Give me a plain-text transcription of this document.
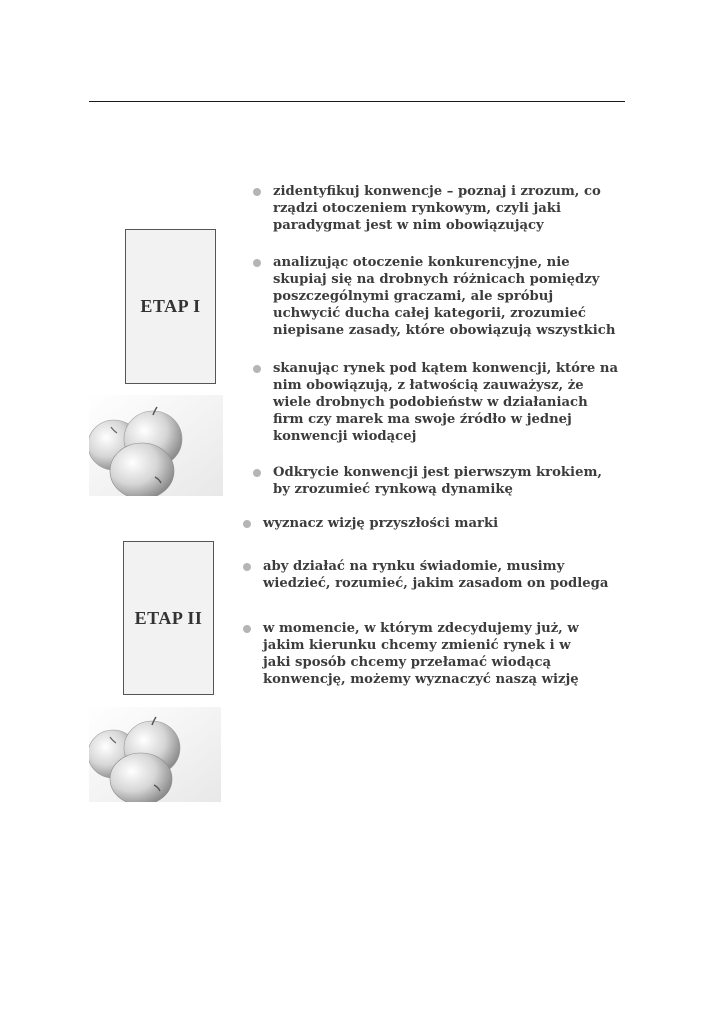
ETAP I
zidentyfikuj konwencje – poznaj i zrozum, co
rządzi otoczeniem rynkowym, czyli jaki
paradygmat jest w nim obowiązujący
analizując otoczenie konkurencyjne, nie
skupiaj się na drobnych różnicach pomiędzy
poszczególnymi graczami, ale spróbuj
uchwycić ducha całej kategorii, zrozumieć
niepisane zasady, które obowiązują wszystkich
skanując rynek pod kątem konwencji, które na
nim obowiązują, z łatwością zauważysz, że
wiele drobnych podobieństw w działaniach
firm czy marek ma swoje źródło w jednej
konwencji wiodącej
Odkrycie konwencji jest pierwszym krokiem,
by zrozumieć rynkową dynamikę
ETAP II
wyznacz wizję przyszłości marki
aby działać na rynku świadomie, musimy
wiedzieć, rozumieć, jakim zasadom on podlega
w momencie, w którym zdecydujemy już, w
jakim kierunku chcemy zmienić rynek i w
jaki sposób chcemy przełamać wiodącą
konwencję, możemy wyznaczyć naszą wizję
